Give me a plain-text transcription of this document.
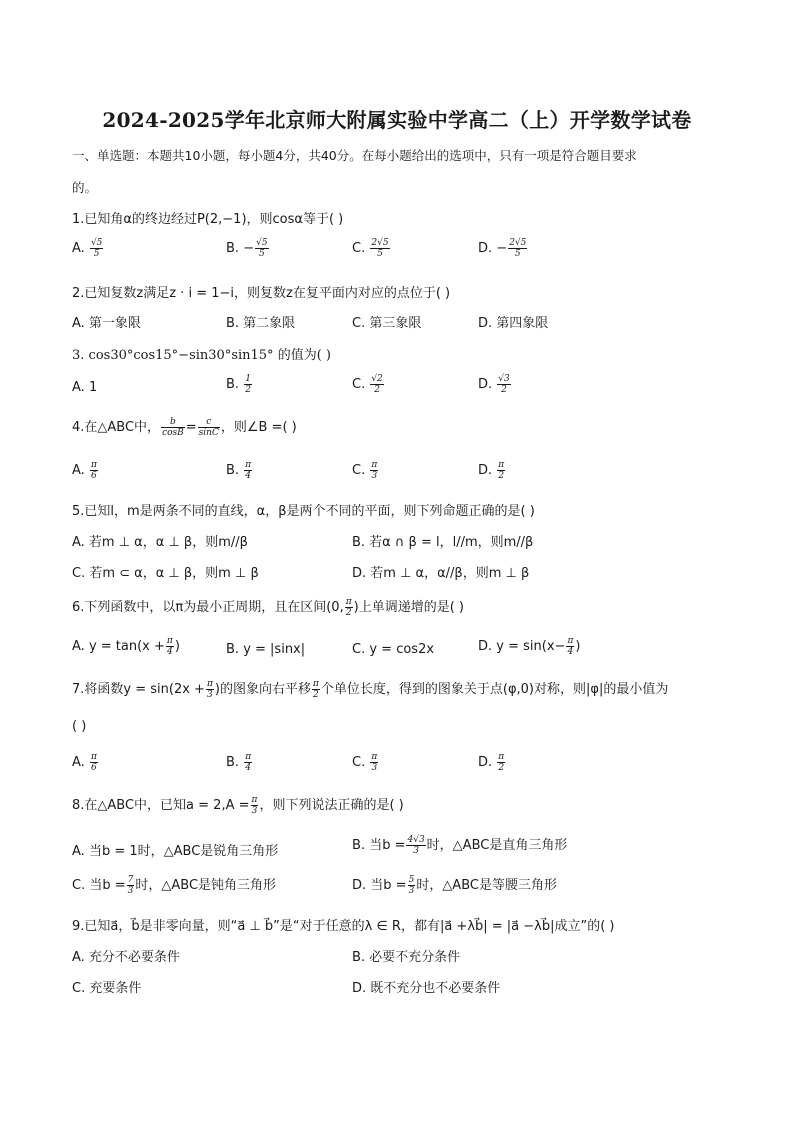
2024-2025学年北京师大附属实验中学高二（上）开学数学试卷
一、单选题：本题共10小题，每小题4分，共40分。在每小题给出的选项中，只有一项是符合题目要求
的。
1.已知角α的终边经过P(2,−1)，则cosα等于( )
A. $\frac{√5}{5}$	B. − $\frac{√5}{5}$	C. $\frac{2√5}{5}$	D. − $\frac{2√5}{5}$
2.已知复数z满足z · i = 1−i，则复数z在复平面内对应的点位于( )
A. 第一象限	B. 第二象限	C. 第三象限	D. 第四象限
3. cos30°cos15°−sin30°sin15° 的值为( )
A. 1	B. $\frac{1}{2}$	C. $\frac{√2}{2}$	D. $\frac{√3}{2}$
4.在△ABC中， $\frac{b}{\cos B} = \frac{c}{\sin C}$ ，则∠B =( )
A. $\frac{\pi}{6}$	B. $\frac{\pi}{4}$	C. $\frac{\pi}{3}$	D. $\frac{\pi}{2}$
5.已知l，m是两条不同的直线，α，β是两个不同的平面，则下列命题正确的是( )
A. 若m ⊥ α，α ⊥ β，则m//β	B. 若α ∩ β = l，l//m，则m//β
C. 若m ⊂ α，α ⊥ β，则m ⊥ β	D. 若m ⊥ α，α//β，则m ⊥ β
6.下列函数中，以π为最小正周期，且在区间(0, $\frac{\pi}{2}$ )上单调递增的是( )
A. $y = \tan(x + \frac{\pi}{4}$ )	B. y = |sinx|	C. y = cos2x	D. $y = \sin(x- \frac{\pi}{4}$ )
7.将函数$y = \sin(2x + \frac{\pi}{3}$ )的图象向右平移 $\frac{\pi}{2}$ 个单位长度，得到的图象关于点(φ,0)对称，则|φ|的最小值为
( )
A. $\frac{\pi}{6}$	B. $\frac{\pi}{4}$	C. $\frac{\pi}{3}$	D. $\frac{\pi}{2}$
8.在△ABC中，已知$a = 2,A = \frac{\pi}{3}$ ，则下列说法正确的是( )
A. 当b = 1时，△ABC是锐角三角形	B. 当$b = \frac{4√3}{3}$ 时，△ABC是直角三角形
C. 当$b = \frac{7}{3}$ 时，△ABC是钝角三角形	D. 当$b = \frac{5}{3}$ 时，△ABC是等腰三角形
9.已知a⃗，b⃗是非零向量，则“a⃗ ⊥ b⃗”是“对于任意的λ ∈ R，都有|a⃗ +λb⃗| = |a⃗ −λb⃗|成立”的( )
A. 充分不必要条件	B. 必要不充分条件
C. 充要条件	D. 既不充分也不必要条件
